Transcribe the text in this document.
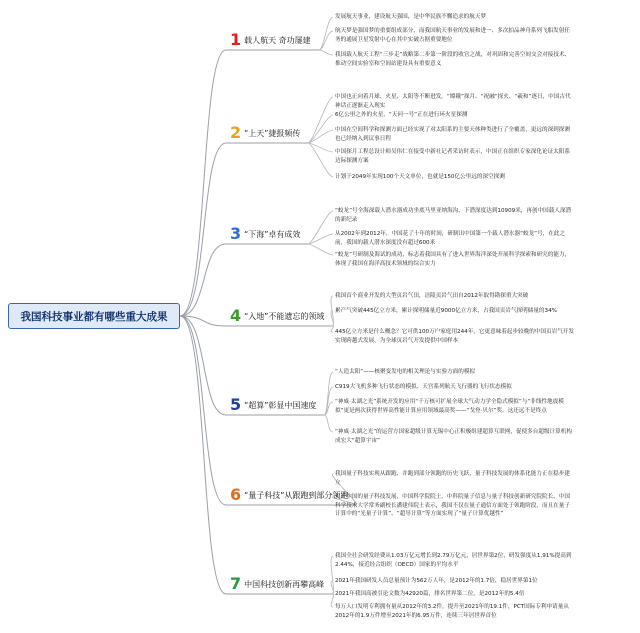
我国科技事业都有哪些重大成果
1 载人航天 奇功屡建
发展航天事业，建设航天强国，是中华民族不懈追求的航天梦
航天梦是强国梦的重要组成部分，而我国航天事业的发展和进一、多次拍品神舟系列飞船发射任务的通展卫星发射中心在其中实破占据重要地位
我国载人航天工程“三步走”战略第二步第一阶段的收官之战，对巩固和完善空间交会对接技术、推动空间实验室和空间站建设具有重要意义
2 “上天”捷报频传
中国也正向着月球、火星、太阳等不断进发。“嫦娥”探月、“祝融”探火、“羲和”逐日，中国古代神话正逐渐走入现实
6亿公里之外的火星，“天问一号”正在进行环火星探测
中国在空间科学和探测方面已经实现了对太阳系的主要天体种类进行了全覆盖，更远的深到探测也已经纳入到议事日程
中国探月工程总设计师吴伟仁在接受中新社记者采访时表示，中国正在组织专家深化论证太阳系边际探测方案
计划于2049年实现100个天文单位，也就是150亿公里远的深空探测
3 “下海”卓有成效
“蛟龙”号全海深载人潜水器成功坐底马里亚纳海沟，下潜深度达到10909米，再创中国载人深潜的新纪录
从2002年到2012年，中国花了十年的时间，研制出中国第一个载人潜水器“蛟龙”号，在此之前，我国的载人潜水深度没有超过600米
“蛟龙”号研制及海试的成功，标志着我国具有了进入世界海洋深处开展科学探索和研究的能力，体现了我国在海洋高技术领域的综合实力
4 “入地”不能遗忘的领域
我国首个商业开发的大型页岩气田，涪陵页岩气田自2012年取得勘探重大突破
累产气突破445亿立方米，累计探明储量近9000亿立方米，占我国页岩气探明储量的34%
445亿立方米是什么概念？它可供100万户家庭用244年，它更意味着起步较晚的中国页岩气开发实现跨越式发展，为全球页岩气开发提供中国样本
5 “超算”彰显中国速度
“人造太阳”——核聚变发电的相关理论与实验方面的模拟
C919大飞机多种飞行状态的模拟、天宫系列航天飞行器的飞行状态模拟
“神威·太湖之光”系统开发的应用“千万核可扩展全球大气动力学全隐式模拟”与“非线性地震模拟”更是两次获得世界高性能计算应用领域最高奖——“戈登·贝尔”奖。这还远不是终点
“神威·太湖之光”的运营方国家超级计算无锡中心正积极组建超算互联网，促使多台超级计算机构成宏大“超算宇宙”
6 “量子科技”从跟跑到部分领跑
我国量子科技实现从跟跑、并跑到部分领跑的历史飞跃，量子科技发展的体系化能力正在稳步建立
对于中国的量子科技发展，中国科学院院士、中科院量子信息与量子科技创新研究院院长、中国科学技术大学常务副校长潘建伟院士表示，我国不仅在量子通信方面处于领跑阶段，而且在量子计算中的“光量子计算”、“超导计算”等方面实现了“量子计算优越性”
7 中国科技创新再攀高峰
我国全社会研发经费从1.03万亿元增长到2.79万亿元，居世界第2位，研发强度从1.91%提高到2.44%，接近经合组织（OECD）国家的平均水平
2021年我国研发人员总量预计为562万人年，是2012年的1.7倍，稳居世界第1位
2021年我国高被引论文数为42920篇，排名世界第二位，是2012年的5.4倍
每万人口发明专利拥有量从2012年的3.2件，提升至2021年的19.1件，PCT国际专利申请量从2012年的1.9万件增至2021年的6.95万件，连续三年居世界首位
